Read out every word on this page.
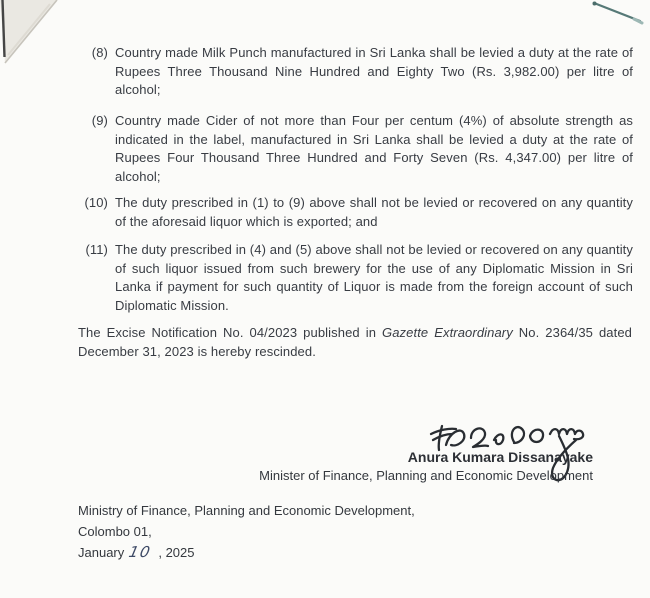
(8) Country made Milk Punch manufactured in Sri Lanka shall be levied a duty at the rate of Rupees Three Thousand Nine Hundred and Eighty Two (Rs. 3,982.00) per litre of alcohol;
(9) Country made Cider of not more than Four per centum (4%) of absolute strength as indicated in the label, manufactured in Sri Lanka shall be levied a duty at the rate of Rupees Four Thousand Three Hundred and Forty Seven (Rs. 4,347.00) per litre of alcohol;
(10) The duty prescribed in (1) to (9) above shall not be levied or recovered on any quantity of the aforesaid liquor which is exported; and
(11) The duty prescribed in (4) and (5) above shall not be levied or recovered on any quantity of such liquor issued from such brewery for the use of any Diplomatic Mission in Sri Lanka if payment for such quantity of Liquor is made from the foreign account of such Diplomatic Mission.

The Excise Notification No. 04/2023 published in Gazette Extraordinary No. 2364/35 dated December 31, 2023 is hereby rescinded.

Anura Kumara Dissanayake
Minister of Finance, Planning and Economic Development
Ministry of Finance, Planning and Economic Development,
Colombo 01,
January 10 , 2025
